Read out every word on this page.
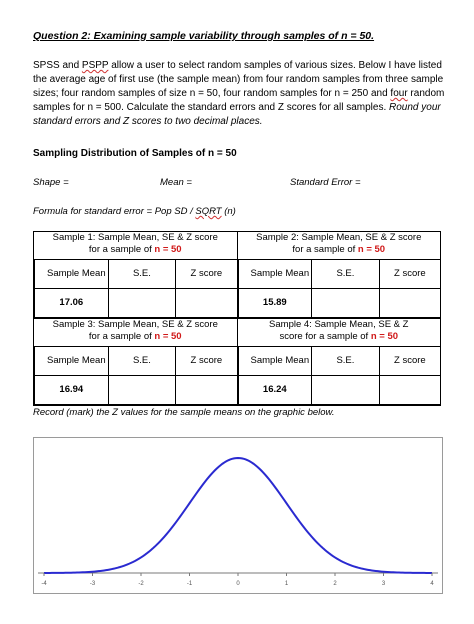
Question 2: Examining sample variability through samples of n = 50.
SPSS and PSPP allow a user to select random samples of various sizes. Below I have listed the average age of first use (the sample mean) from four random samples from three sample sizes; four random samples of size n = 50, four random samples for n = 250 and four random samples for n = 500. Calculate the standard errors and Z scores for all samples. Round your standard errors and Z scores to two decimal places.
Sampling Distribution of Samples of n = 50
Shape =	Mean =	Standard Error =
Formula for standard error = Pop SD / SQRT (n)
Sample 1: Sample Mean, SE & Z score
for a sample of n = 50
Sample Mean	S.E.	Z score
17.06		

Sample 2: Sample Mean, SE & Z score
for a sample of n = 50
Sample Mean	S.E.	Z score
15.89		

Sample 3: Sample Mean, SE & Z score
for a sample of n = 50
Sample Mean	S.E.	Z score
16.94		

Sample 4: Sample Mean, SE & Z
score for a sample of n = 50
Sample Mean	S.E.	Z score
16.24		
Record (mark) the Z values for the sample means on the graphic below.
-4	-3	-2	-1	0	1	2	3	4
